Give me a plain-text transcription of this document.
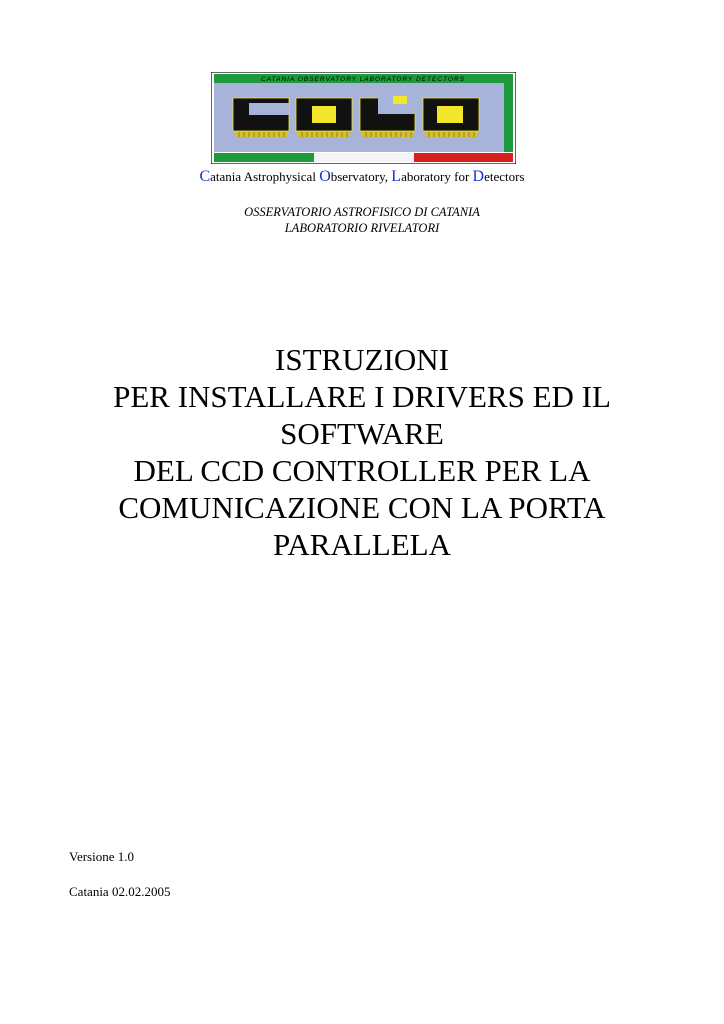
CATANIA OBSERVATORY LABORATORY DETECTORS
Catania Astrophysical Observatory, Laboratory for Detectors
OSSERVATORIO ASTROFISICO DI CATANIA
LABORATORIO RIVELATORI
ISTRUZIONI
PER INSTALLARE I DRIVERS ED IL
SOFTWARE
DEL CCD CONTROLLER PER LA
COMUNICAZIONE CON LA PORTA
PARALLELA
Versione 1.0
Catania 02.02.2005
